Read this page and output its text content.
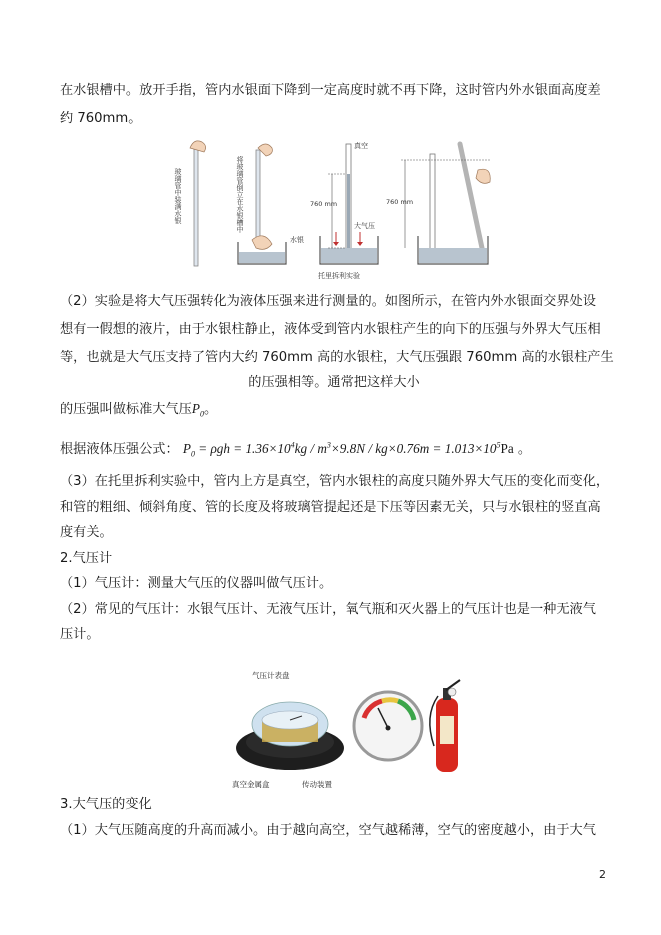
在水银槽中。放开手指，管内水银面下降到一定高度时就不再下降，这时管内外水银面高度差
约 760mm。
玻璃管中装满水银	将玻璃管倒立在水银槽中
水银
真空
760 mm
大气压
托里拆利实验
760 mm
（2）实验是将大气压强转化为液体压强来进行测量的。如图所示，在管内外水银面交界处设
想有一假想的液片，由于水银柱静止，液体受到管内水银柱产生的向下的压强与外界大气压相
等，也就是大气压支持了管内大约 760mm 高的水银柱，大气压强跟 760mm 高的水银柱产生
的压强相等。通常把这样大小
的压强叫做标准大气压$P_0$。
根据液体压强公式： $P_0 = \rho gh = 1.36\times 10^4kg / m^3\times 9.8N / kg\times 0.76m = 1.013\times 10^5Pa$ 。
（3）在托里拆利实验中，管内上方是真空，管内水银柱的高度只随外界大气压的变化而变化，
和管的粗细、倾斜角度、管的长度及将玻璃管提起还是下压等因素无关，只与水银柱的竖直高
度有关。
2.气压计
（1）气压计：测量大气压的仪器叫做气压计。
（2）常见的气压计：水银气压计、无液气压计，氧气瓶和灭火器上的气压计也是一种无液气
压计。
气压计表盘
真空金属盒	传动装置
3.大气压的变化
（1）大气压随高度的升高而减小。由于越向高空，空气越稀薄，空气的密度越小，由于大气
2
